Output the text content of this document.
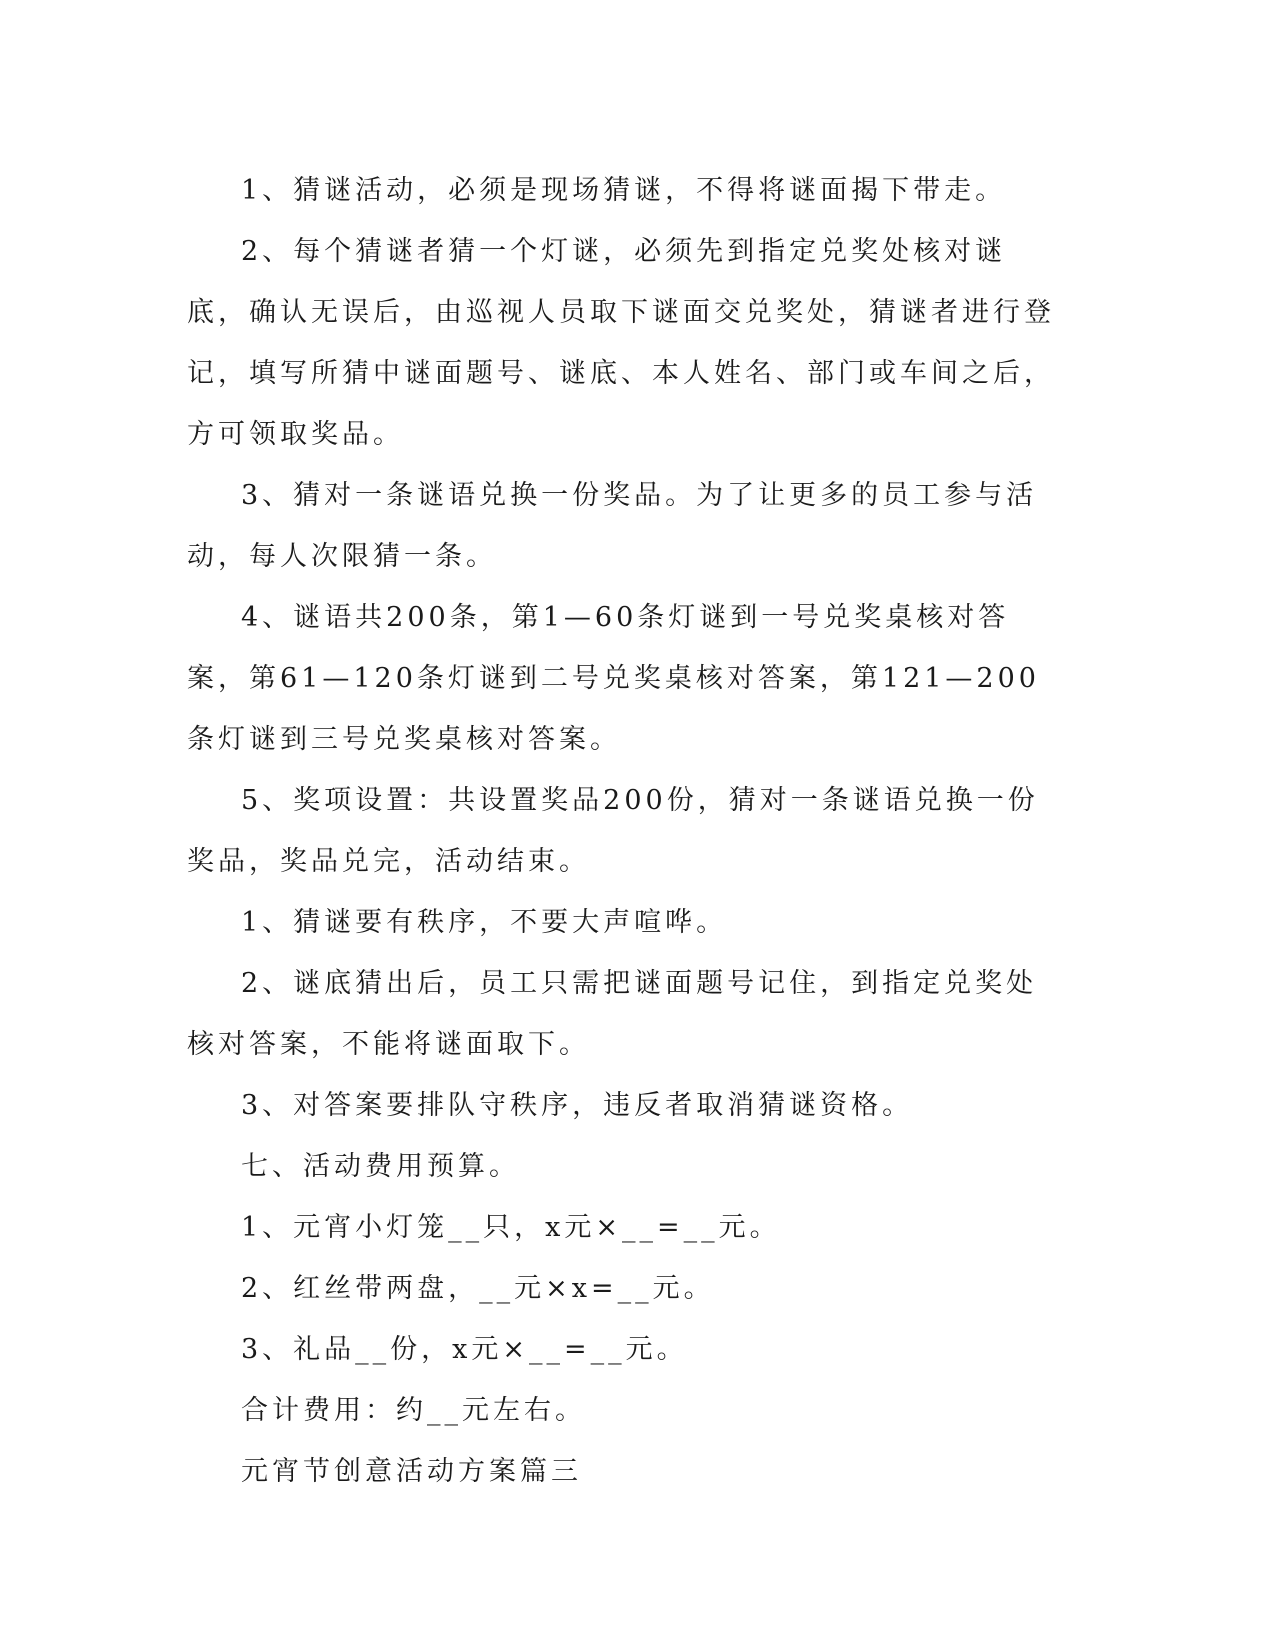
1、猜谜活动，必须是现场猜谜，不得将谜面揭下带走。

2、每个猜谜者猜一个灯谜，必须先到指定兑奖处核对谜底，确认无误后，由巡视人员取下谜面交兑奖处，猜谜者进行登记，填写所猜中谜面题号、谜底、本人姓名、部门或车间之后，方可领取奖品。

3、猜对一条谜语兑换一份奖品。为了让更多的员工参与活动，每人次限猜一条。

4、谜语共200条，第1—60条灯谜到一号兑奖桌核对答案，第61—120条灯谜到二号兑奖桌核对答案，第121—200条灯谜到三号兑奖桌核对答案。

5、奖项设置：共设置奖品200份，猜对一条谜语兑换一份奖品，奖品兑完，活动结束。

1、猜谜要有秩序，不要大声喧哗。

2、谜底猜出后，员工只需把谜面题号记住，到指定兑奖处核对答案，不能将谜面取下。

3、对答案要排队守秩序，违反者取消猜谜资格。

七、活动费用预算。

1、元宵小灯笼__只，x元×__=__元。

2、红丝带两盘，__元×x=__元。

3、礼品__份，x元×__=__元。

合计费用：约__元左右。

元宵节创意活动方案篇三
